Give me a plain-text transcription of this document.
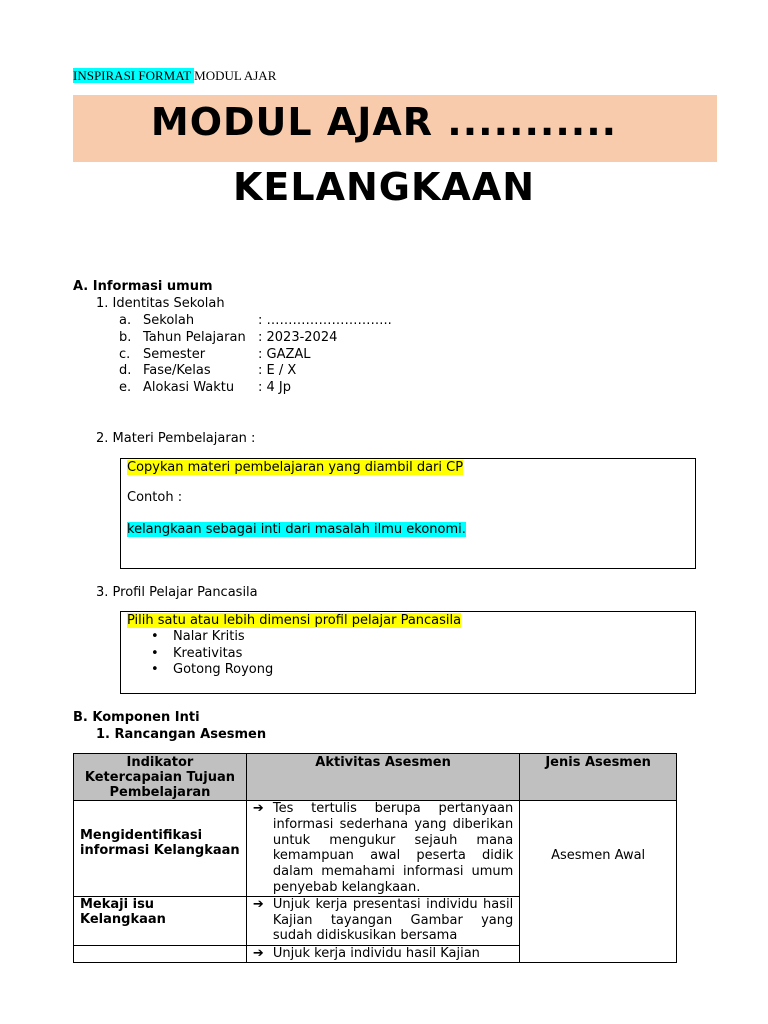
INSPIRASI FORMAT MODUL AJAR
MODUL AJAR ...........
KELANGKAAN
A. Informasi umum
1. Identitas Sekolah
a. Sekolah	: ………………………..
b. Tahun Pelajaran : 2023-2024
c. Semester	: GAZAL
d. Fase/Kelas	: E / X
e. Alokasi Waktu : 4 Jp
2. Materi Pembelajaran :
Copykan materi pembelajaran yang diambil dari CP
Contoh :
kelangkaan sebagai inti dari masalah ilmu ekonomi.
3. Profil Pelajar Pancasila
Pilih satu atau lebih dimensi profil pelajar Pancasila
• Nalar Kritis
• Kreativitas
• Gotong Royong
B. Komponen Inti
1. Rancangan Asesmen
Indikator Ketercapaian Tujuan Pembelajaran	Aktivitas Asesmen	Jenis Asesmen

Mengidentifikasi informasi Kelangkaan	➔ Tes tertulis berupa pertanyaan informasi sederhana yang diberikan untuk mengukur sejauh mana kemampuan awal peserta didik dalam memahami informasi umum penyebab kelangkaan.	Asesmen Awal

Mekaji isu Kelangkaan	➔ Unjuk kerja presentasi individu hasil Kajian tayangan Gambar yang sudah didiskusikan bersama	

	➔ Unjuk kerja individu hasil Kajian	
